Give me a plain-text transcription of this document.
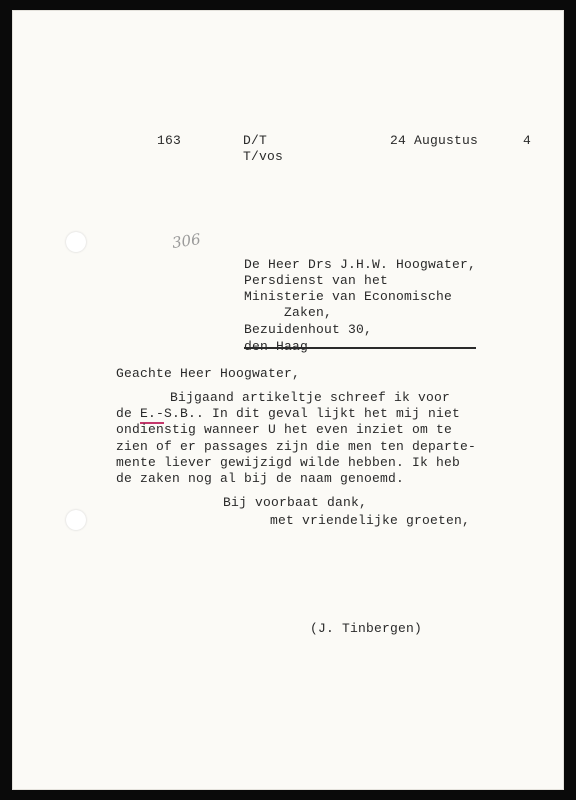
163	D/T
T/vos
24 Augustus	4
306
De Heer Drs J.H.W. Hoogwater,
Persdienst van het
Ministerie van Economische
Zaken,
Bezuidenhout 30,
Geachte Heer Hoogwater,
Bijgaand artikeltje schreef ik voor
de E.-S.B.. In dit geval lijkt het mij niet
ondienstig wanneer U het even inziet om te
zien of er passages zijn die men ten departe-
mente liever gewijzigd wilde hebben. Ik heb
de zaken nog al bij de naam genoemd.
Bij voorbaat dank,
met vriendelijke groeten,
(J. Tinbergen)
